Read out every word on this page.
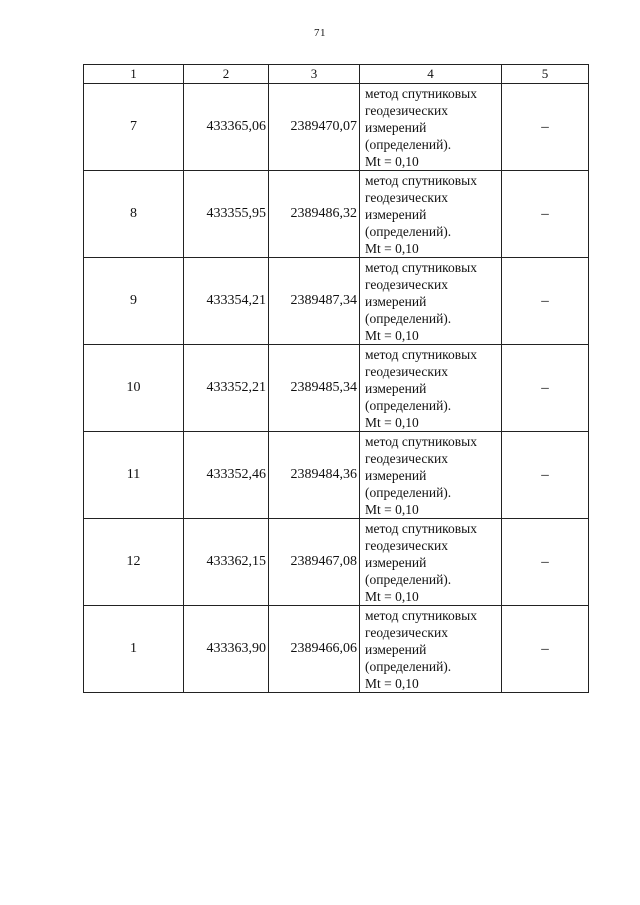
71
1	2	3	4	5
7	433365,06	2389470,07	метод спутниковых
геодезических
измерений
(определений).
Mt = 0,10	–
8	433355,95	2389486,32	метод спутниковых
геодезических
измерений
(определений).
Mt = 0,10	–
9	433354,21	2389487,34	метод спутниковых
геодезических
измерений
(определений).
Mt = 0,10	–
10	433352,21	2389485,34	метод спутниковых
геодезических
измерений
(определений).
Mt = 0,10	–
11	433352,46	2389484,36	метод спутниковых
геодезических
измерений
(определений).
Mt = 0,10	–
12	433362,15	2389467,08	метод спутниковых
геодезических
измерений
(определений).
Mt = 0,10	–
1	433363,90	2389466,06	метод спутниковых
геодезических
измерений
(определений).
Mt = 0,10	–
